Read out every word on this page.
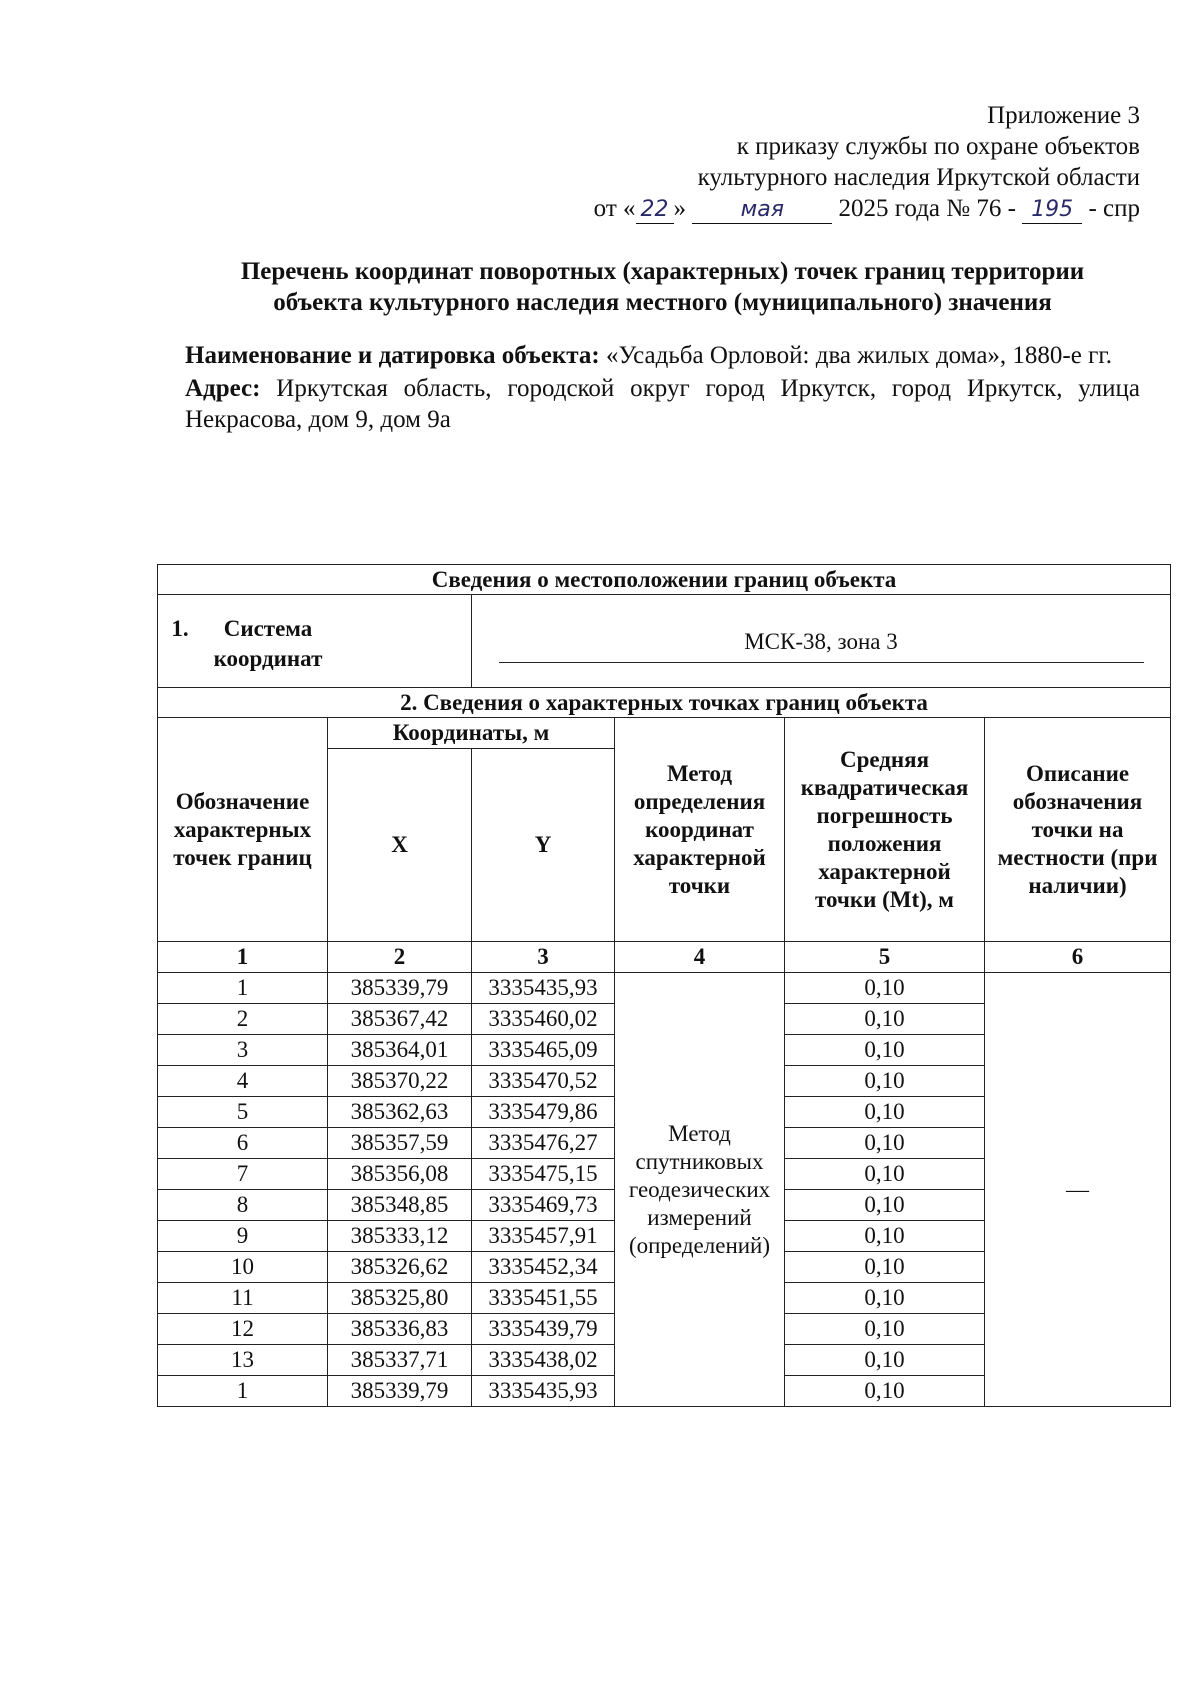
Приложение 3
к приказу службы по охране объектов
культурного наследия Иркутской области
от « 22 » мая 2025 года № 76 - 195 - спр
Перечень координат поворотных (характерных) точек границ территории
объекта культурного наследия местного (муниципального) значения

Наименование и датировка объекта: «Усадьба Орловой: два жилых дома», 1880-е гг.

Адрес: Иркутская область, городской округ город Иркутск, город Иркутск, улица Некрасова, дом 9, дом 9а

Сведения о местоположении границ объекта					

1. Система координат		МСК-38, зона 3			

2. Сведения о характерных точках границ объекта					
Обозначение характерных точек границ	Координаты, м		Метод определения координат характерной точки	Средняя квадратическая погрешность положения характерной точки (Mt), м	Описание обозначения точки на местности (при наличии)
	X	Y			
1	2	3	4	5	6
1	385339,79	3335435,93	Метод спутниковых геодезических измерений (определений)	0,10	—
2	385367,42	3335460,02		0,10	
3	385364,01	3335465,09		0,10	
4	385370,22	3335470,52		0,10	
5	385362,63	3335479,86		0,10	
6	385357,59	3335476,27		0,10	
7	385356,08	3335475,15		0,10	
8	385348,85	3335469,73		0,10	
9	385333,12	3335457,91		0,10	
10	385326,62	3335452,34		0,10	
11	385325,80	3335451,55		0,10	
12	385336,83	3335439,79		0,10	
13	385337,71	3335438,02		0,10	
1	385339,79	3335435,93		0,10	
